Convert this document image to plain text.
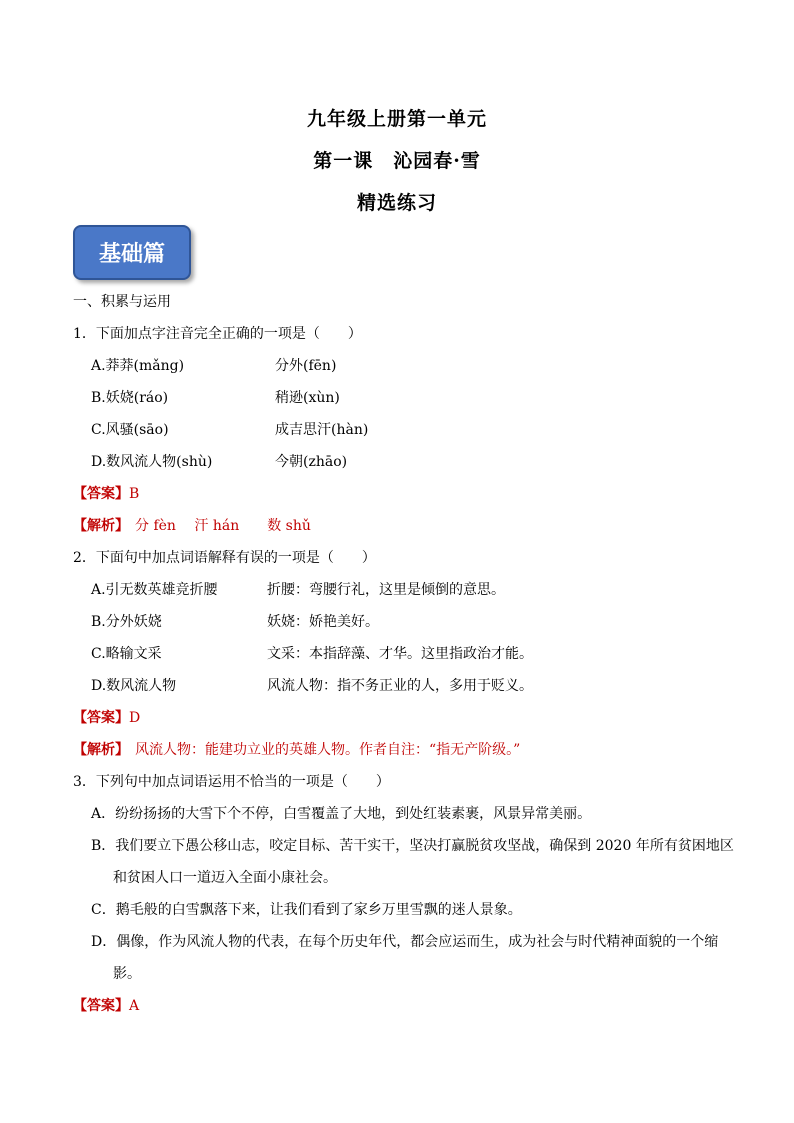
九年级上册第一单元
第一课　沁园春·雪
精选练习
基础篇
一、积累与运用
1．下面加点字注音完全正确的一项是（　　）
A.莽莽(mǎng)	分外(fēn)
B.妖娆(ráo)	稍逊(xùn)
C.风骚(sāo)	成吉思汗(hàn)
D.数风流人物(shù)	今朝(zhāo)
【答案】B
【解析】 分 fèn　 汗 hán　　数 shǔ
2．下面句中加点词语解释有误的一项是（　　）
A.引无数英雄竞折腰	折腰：弯腰行礼，这里是倾倒的意思。
B.分外妖娆	妖娆：娇艳美好。
C.略输文采	文采：本指辞藻、才华。这里指政治才能。
D.数风流人物	风流人物：指不务正业的人，多用于贬义。
【答案】D
【解析】 风流人物：能建功立业的英雄人物。作者自注：“指无产阶级。”
3．下列句中加点词语运用不恰当的一项是（　　）
A．纷纷扬扬的大雪下个不停，白雪覆盖了大地，到处红装素裹，风景异常美丽。
B．我们要立下愚公移山志，咬定目标、苦干实干，坚决打赢脱贫攻坚战，确保到 2020 年所有贫困地区
和贫困人口一道迈入全面小康社会。
C．鹅毛般的白雪飘落下来，让我们看到了家乡万里雪飘的迷人景象。
D．偶像，作为风流人物的代表，在每个历史年代，都会应运而生，成为社会与时代精神面貌的一个缩
影。
【答案】A
